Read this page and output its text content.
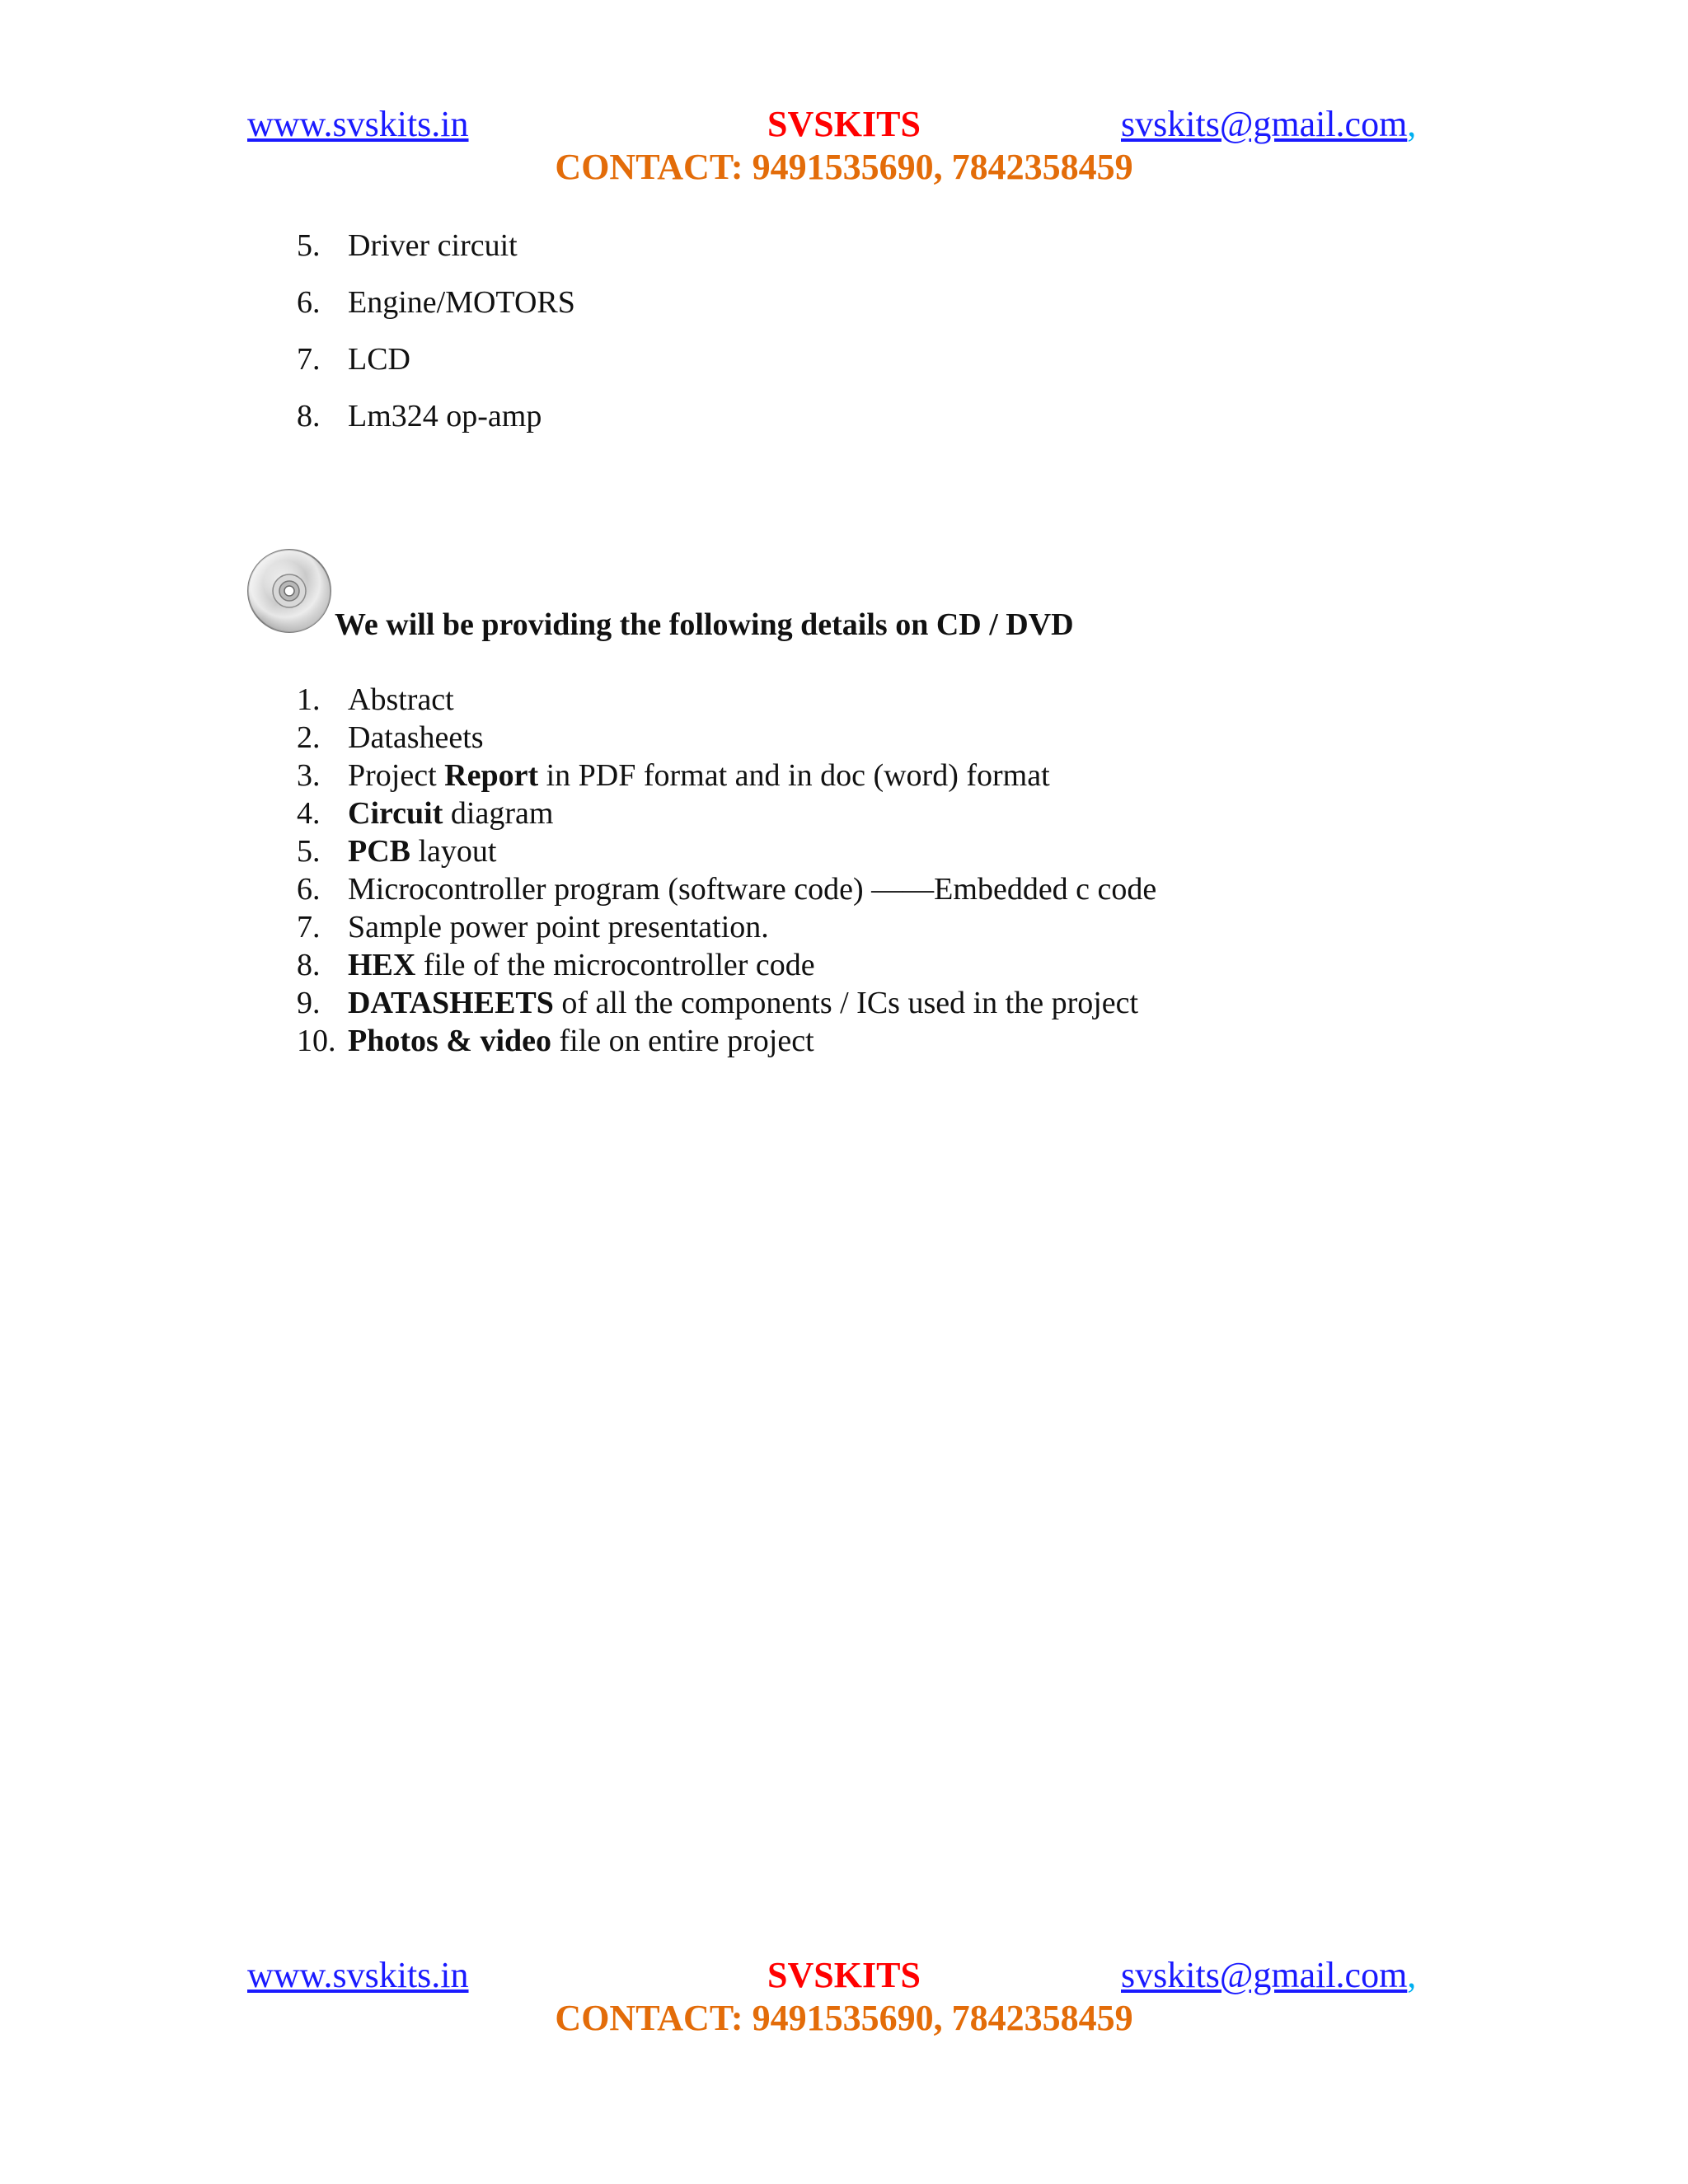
www.svskits.in	SVSKITS	svskits@gmail.com,
CONTACT: 9491535690, 7842358459
5. Driver circuit
6. Engine/MOTORS
7. LCD
8. Lm324 op-amp
We will be providing the following details on CD / DVD
1. Abstract
2. Datasheets
3. Project Report in PDF format and in doc (word) format
4. Circuit diagram
5. PCB layout
6. Microcontroller program (software code) ——Embedded c code
7. Sample power point presentation.
8. HEX file of the microcontroller code
9. DATASHEETS of all the components / ICs used in the project
10. Photos & video file on entire project
www.svskits.in	SVSKITS	svskits@gmail.com,
CONTACT: 9491535690, 7842358459
